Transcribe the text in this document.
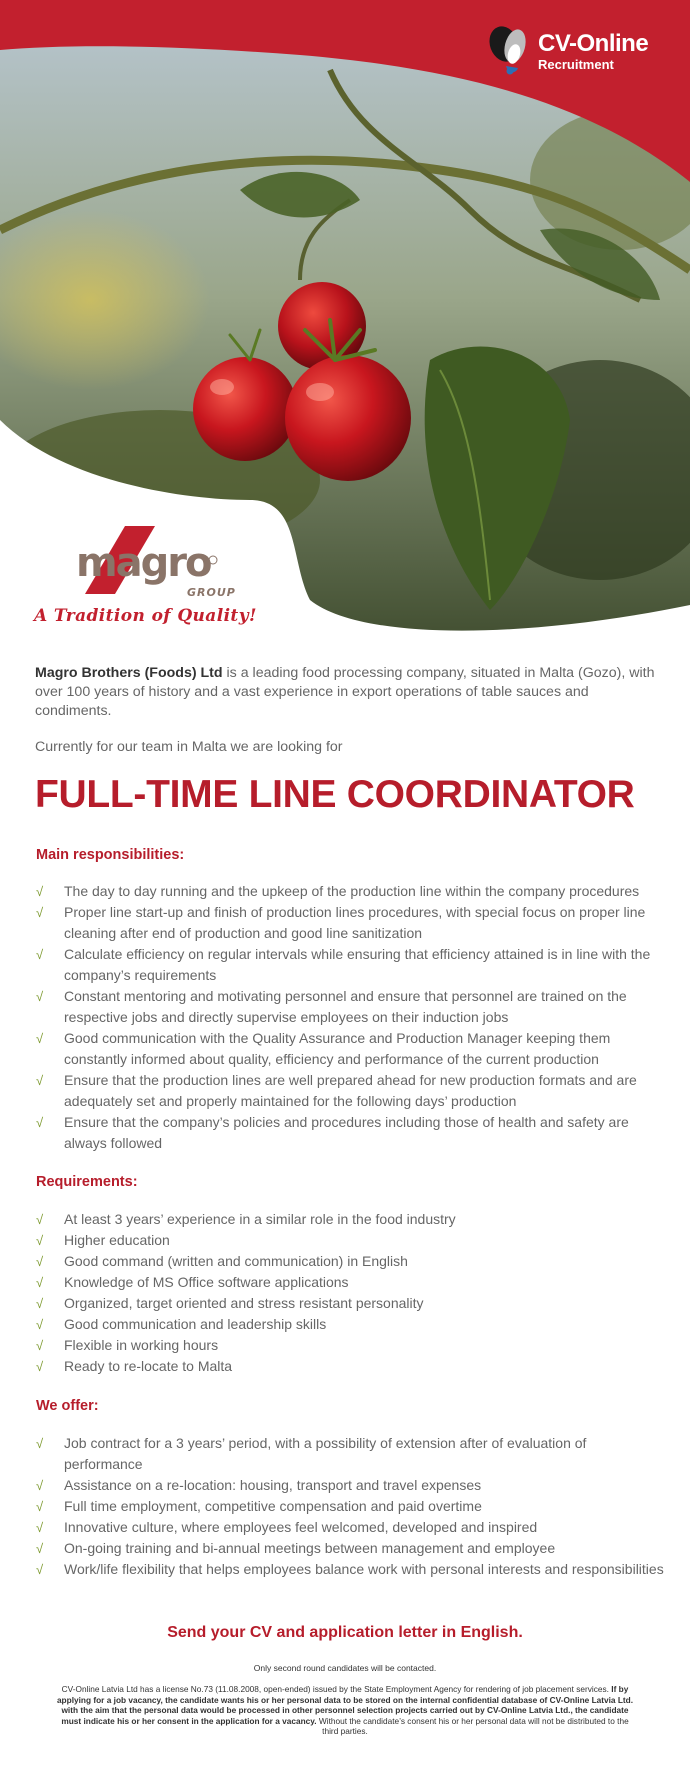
CV-Online
Recruitment
magro
GROUP
A Tradition of Quality!

Magro Brothers (Foods) Ltd is a leading food processing company, situated in Malta (Gozo), with over 100 years of history and a vast experience in export operations of table sauces and condiments.

Currently for our team in Malta we are looking for

FULL-TIME LINE COORDINATOR
Main responsibilities:
√ The day to day running and the upkeep of the production line within the company procedures
√ Proper line start-up and finish of production lines procedures, with special focus on proper line cleaning after end of production and good line sanitization
√ Calculate efficiency on regular intervals while ensuring that efficiency attained is in line with the company’s requirements
√ Constant mentoring and motivating personnel and ensure that personnel are trained on the respective jobs and directly supervise employees on their induction jobs
√ Good communication with the Quality Assurance and Production Manager keeping them constantly informed about quality, efficiency and performance of the current production
√ Ensure that the production lines are well prepared ahead for new production formats and are adequately set and properly maintained for the following days’ production
√ Ensure that the company’s policies and procedures including those of health and safety are always followed
Requirements:
√ At least 3 years’ experience in a similar role in the food industry
√ Higher education
√ Good command (written and communication) in English
√ Knowledge of MS Office software applications
√ Organized, target oriented and stress resistant personality
√ Good communication and leadership skills
√ Flexible in working hours
√ Ready to re-locate to Malta
We offer:
√ Job contract for a 3 years’ period, with a possibility of extension after of evaluation of performance
√ Assistance on a re-location: housing, transport and travel expenses
√ Full time employment, competitive compensation and paid overtime
√ Innovative culture, where employees feel welcomed, developed and inspired
√ On-going training and bi-annual meetings between management and employee
√ Work/life flexibility that helps employees balance work with personal interests and responsibilities
Send your CV and application letter in English.
Only second round candidates will be contacted.
CV-Online Latvia Ltd has a license No.73 (11.08.2008, open-ended) issued by the State Employment Agency for rendering of job placement services. If by applying for a job vacancy, the candidate wants his or her personal data to be stored on the internal confidential database of CV-Online Latvia Ltd. with the aim that the personal data would be processed in other personnel selection projects carried out by CV-Online Latvia Ltd., the candidate must indicate his or her consent in the application for a vacancy. Without the candidate’s consent his or her personal data will not be distributed to the third parties.
